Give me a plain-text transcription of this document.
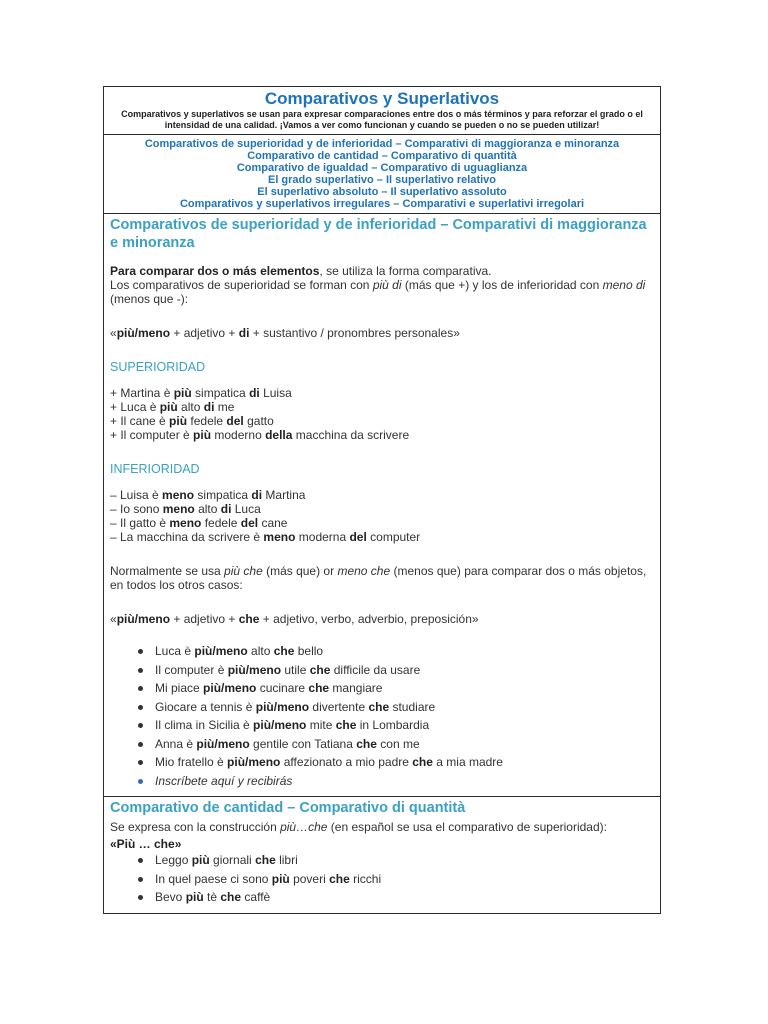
Comparativos y Superlativos

Comparativos y superlativos se usan para expresar comparaciones entre dos o más términos y para reforzar el grado o el intensidad de una calidad. ¡Vamos a ver como funcionan y cuando se pueden o no se pueden utilizar!

Comparativos de superioridad y de inferioridad – Comparativi di maggioranza e minoranza
Comparativo de cantidad – Comparativo di quantità
Comparativo de igualdad – Comparativo di uguaglianza
El grado superlativo – Il superlativo relativo
El superlativo absoluto – Il superlativo assoluto
Comparativos y superlativos irregulares – Comparativi e superlativi irregolari
Comparativos de superioridad y de inferioridad – Comparativi di maggioranza e minoranza

Para comparar dos o más elementos, se utiliza la forma comparativa.
Los comparativos de superioridad se forman con più di (más que +) y los de inferioridad con meno di (menos que -):

«più/meno + adjetivo + di + sustantivo / pronombres personales»

SUPERIORIDAD

+ Martina è più simpatica di Luisa
+ Luca è più alto di me
+ Il cane è più fedele del gatto
+ Il computer è più moderno della macchina da scrivere

INFERIORIDAD

– Luisa è meno simpatica di Martina
– Io sono meno alto di Luca
– Il gatto è meno fedele del cane
– La macchina da scrivere è meno moderna del computer

Normalmente se usa più che (más que) or meno che (menos que) para comparar dos o más objetos, en todos los otros casos:

«più/meno + adjetivo + che + adjetivo, verbo, adverbio, preposición»

Luca è più/meno alto che bello
Il computer è più/meno utile che difficile da usare
Mi piace più/meno cucinare che mangiare
Giocare a tennis è più/meno divertente che studiare
Il clima in Sicilia è più/meno mite che in Lombardia
Anna è più/meno gentile con Tatiana che con me
Mio fratello è più/meno affezionato a mio padre che a mia madre
Inscríbete aquí y recibirás
Comparativo de cantidad – Comparativo di quantità

Se expresa con la construcción più…che (en español se usa el comparativo de superioridad):

«Più … che»

Leggo più giornali che libri
In quel paese ci sono più poveri che ricchi
Bevo più tè che caffè
